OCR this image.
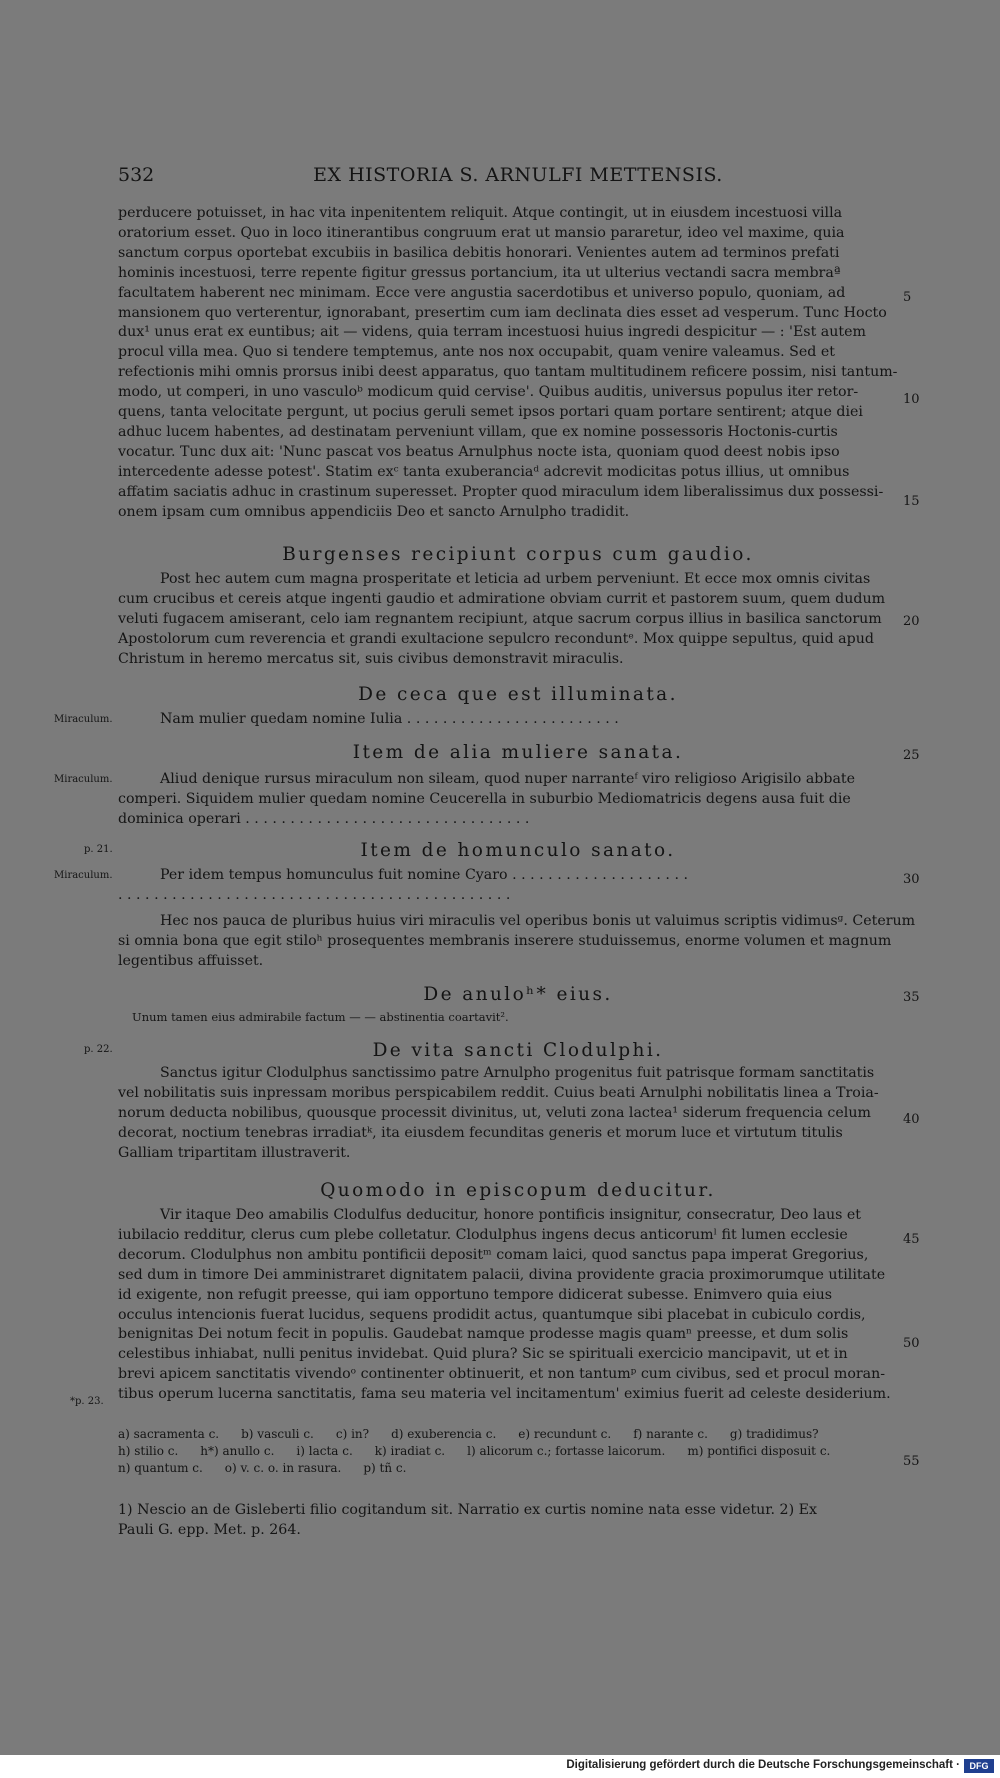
EX HISTORIA S. ARNULFI METTENSIS.
532

perducere potuisset, in hac vita inpenitentem reliquit. Atque contingit, ut in eiusdem incestuosi villa

oratorium esset. Quo in loco itinerantibus congruum erat ut mansio pararetur, ideo vel maxime, quia

sanctum corpus oportebat excubiis in basilica debitis honorari. Venientes autem ad terminos prefati

hominis incestuosi, terre repente figitur gressus portancium, ita ut ulterius vectandi sacra membraª

facultatem haberent nec minimam. Ecce vere angustia sacerdotibus et universo populo, quoniam, ad

mansionem quo verterentur, ignorabant, presertim cum iam declinata dies esset ad vesperum. Tunc Hocto

dux¹ unus erat ex euntibus; ait — videns, quia terram incestuosi huius ingredi despicitur — : 'Est autem

procul villa mea. Quo si tendere temptemus, ante nos nox occupabit, quam venire valeamus. Sed et

refectionis mihi omnis prorsus inibi deest apparatus, quo tantam multitudinem reficere possim, nisi tantum-

modo, ut comperi, in uno vasculoᵇ modicum quid cervise'. Quibus auditis, universus populus iter retor-

quens, tanta velocitate pergunt, ut pocius geruli semet ipsos portari quam portare sentirent; atque diei

adhuc lucem habentes, ad destinatam perveniunt villam, que ex nomine possessoris Hoctonis-curtis

vocatur. Tunc dux ait: 'Nunc pascat vos beatus Arnulphus nocte ista, quoniam quod deest nobis ipso

intercedente adesse potest'. Statim exᶜ tanta exuberanciaᵈ adcrevit modicitas potus illius, ut omnibus

affatim saciatis adhuc in crastinum superesset. Propter quod miraculum idem liberalissimus dux possessi-

onem ipsam cum omnibus appendiciis Deo et sancto Arnulpho tradidit.

Burgenses recipiunt corpus cum gaudio.

Post hec autem cum magna prosperitate et leticia ad urbem perveniunt. Et ecce mox omnis civitas

cum crucibus et cereis atque ingenti gaudio et admiratione obviam currit et pastorem suum, quem dudum

veluti fugacem amiserant, celo iam regnantem recipiunt, atque sacrum corpus illius in basilica sanctorum

Apostolorum cum reverencia et grandi exultacione sepulcro reconduntᵉ. Mox quippe sepultus, quid apud

Christum in heremo mercatus sit, suis civibus demonstravit miraculis.

De ceca que est illuminata.

Nam mulier quedam nomine Iulia . . . . . . . . . . . . . . . . . . . . . . . .

Item de alia muliere sanata.

Aliud denique rursus miraculum non sileam, quod nuper narranteᶠ viro religioso Arigisilo abbate

comperi. Siquidem mulier quedam nomine Ceucerella in suburbio Mediomatricis degens ausa fuit die

dominica operari . . . . . . . . . . . . . . . . . . . . . . . . . . . . . . . .

Item de homunculo sanato.

Per idem tempus homunculus fuit nomine Cyaro . . . . . . . . . . . . . . . . . . . .

. . . . . . . . . . . . . . . . . . . . . . . . . . . . . . . . . . . . . . . . . . . .

Hec nos pauca de pluribus huius viri miraculis vel operibus bonis ut valuimus scriptis vidimusᵍ. Ceterum

si omnia bona que egit stiloʰ prosequentes membranis inserere studuissemus, enorme volumen et magnum

legentibus affuisset.

De anuloʰ* eius.
Unum tamen eius admirabile factum — — abstinentia coartavit².
De vita sancti Clodulphi.

Sanctus igitur Clodulphus sanctissimo patre Arnulpho progenitus fuit patrisque formam sanctitatis

vel nobilitatis suis inpressam moribus perspicabilem reddit. Cuius beati Arnulphi nobilitatis linea a Troia-

norum deducta nobilibus, quousque processit divinitus, ut, veluti zona lactea¹ siderum frequencia celum

decorat, noctium tenebras irradiatᵏ, ita eiusdem fecunditas generis et morum luce et virtutum titulis

Galliam tripartitam illustraverit.

Quomodo in episcopum deducitur.

Vir itaque Deo amabilis Clodulfus deducitur, honore pontificis insignitur, consecratur, Deo laus et

iubilacio redditur, clerus cum plebe colletatur. Clodulphus ingens decus anticorumˡ fit lumen ecclesie

decorum. Clodulphus non ambitu pontificii depositᵐ comam laici, quod sanctus papa imperat Gregorius,

sed dum in timore Dei amministraret dignitatem palacii, divina providente gracia proximorumque utilitate

id exigente, non refugit preesse, qui iam opportuno tempore didicerat subesse. Enimvero quia eius

occulus intencionis fuerat lucidus, sequens prodidit actus, quantumque sibi placebat in cubiculo cordis,

benignitas Dei notum fecit in populis. Gaudebat namque prodesse magis quamⁿ preesse, et dum solis

celestibus inhiabat, nulli penitus invidebat. Quid plura? Sic se spirituali exercicio mancipavit, ut et in

brevi apicem sanctitatis vivendoᵒ continenter obtinuerit, et non tantumᵖ cum civibus, sed et procul moran-

tibus operum lucerna sanctitatis, fama seu materia vel incitamentum' eximius fuerit ad celeste desiderium.

a) sacramenta c. b) vasculi c. c) in? d) exuberencia c. e) recundunt c. f) narante c. g) tradidimus?
h) stilio c. h*) anullo c. i) lacta c. k) iradiat c. l) alicorum c.; fortasse laicorum. m) pontifici disposuit c.
n) quantum c. o) v. c. o. in rasura. p) tñ c.

1) Nescio an de Gisleberti filio cogitandum sit. Narratio ex curtis nomine nata esse videtur. 2) Ex

Pauli G. epp. Met. p. 264.

5
10
15
20
25
30
35
40
45
50
55
Miraculum.
Miraculum.
p. 21.
Miraculum.
p. 22.
*p. 23.
Digitalisierung gefördert durch die Deutsche Forschungsgemeinschaft ·	DFG
